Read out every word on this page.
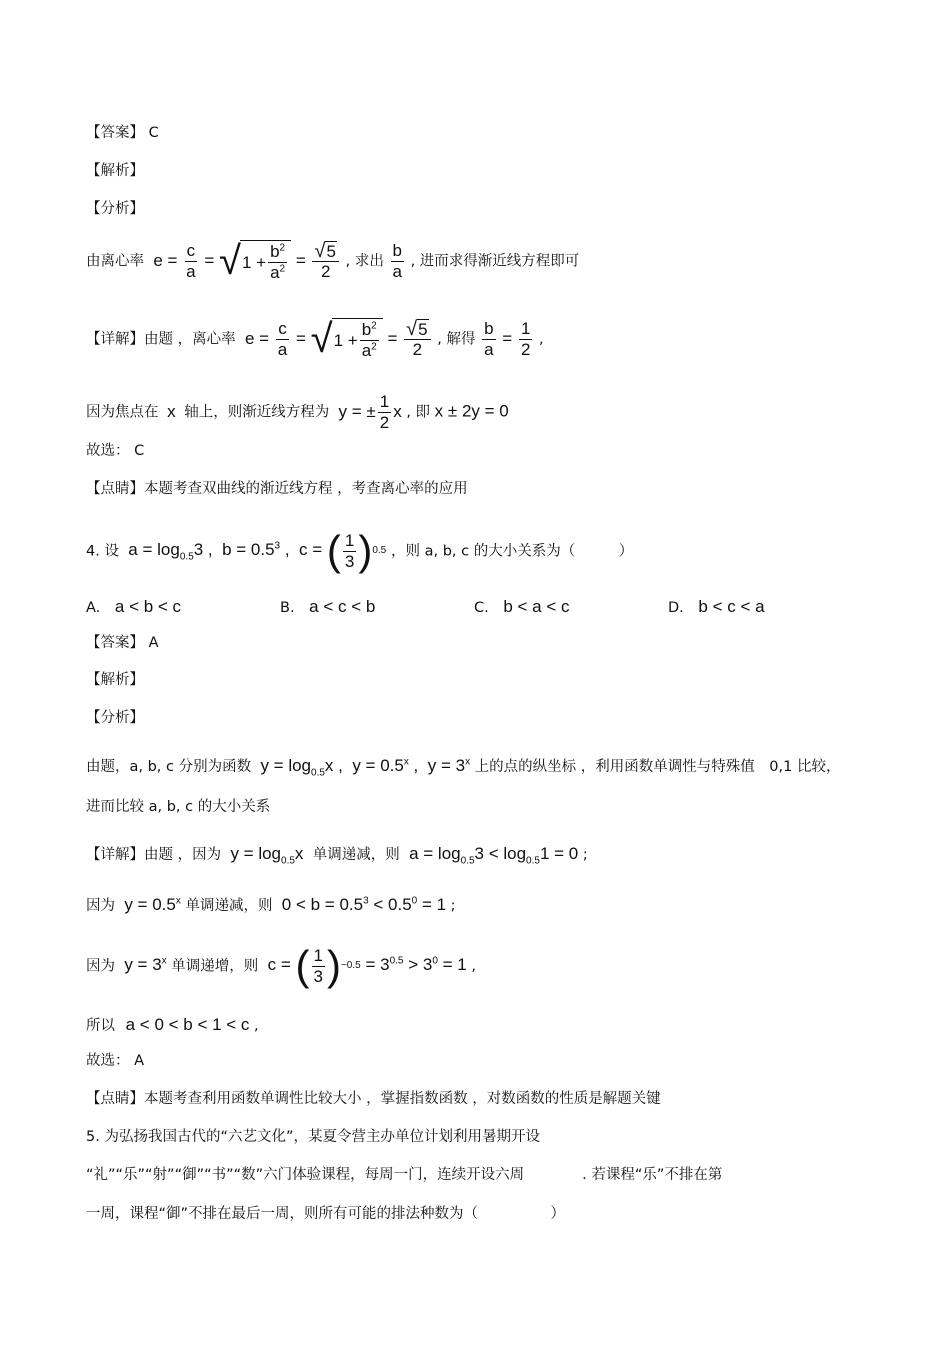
【答案】 C
【解析】
【分析】
由离心率  $e = \frac{c}{a}$ = √ $1 + \frac{b^2}{a^2} = \frac{√5}{2}$ , 求出 $\frac{b}{a}$ , 进而求得渐近线方程即可
【详解】由题 ，离心率  $e = \frac{c}{a}$ = √ $1 + \frac{b^2}{a^2} = \frac{√5}{2}$ , 解得 $\frac{b}{a} = \frac{1}{2}$ ,
因为焦点在 x 轴上，则渐近线方程为  y = ± $\frac{1}{2}$ x , 即 x ± 2y = 0
故选： C
【点睛】本题考查双曲线的渐近线方程 ，考查离心率的应用
4. 设  $a = \log_{0.5}3$ ,  $b = 0.5^3$ ,  c = ( $\frac{1}{3}$ ) 0.5 ，则 a, b, c 的大小关系为（　　　）
A. a < b < c	B. a < c < b	C. b < a < c	D. b < c < a
【答案】 A
【解析】
【分析】
由题，a, b, c 分别为函数  $y = \log_{0.5}x$ ,  $y = 0.5^x$ ,  $y = 3^x$ 上的点的纵坐标 ，利用函数单调性与特殊值　0,1 比较，
进而比较 a, b, c 的大小关系
【详解】由题 ，因为  $y = \log_{0.5}x$  单调递减，则  $a = \log_{0.5}3 < \log_{0.5}1 = 0$ ;
因为  $y = 0.5^x$ 单调递减，则  $0 < b = 0.5^3 < 0.5^0 = 1$ ;
因为  $y = 3^x$ 单调递增，则  c = ( $\frac{1}{3}$ ) $-0.5 = 3^{0.5} > 3^0 = 1$ ,
所以 a < 0 < b < 1 < c ,
故选： A
【点睛】本题考查利用函数单调性比较大小 ，掌握指数函数 ，对数函数的性质是解题关键
5. 为弘扬我国古代的“六艺文化”，某夏令营主办单位计划利用暑期开设
“礼”“乐”“射”“御”“书”“数”六门体验课程，每周一门，连续开设六周　　　　. 若课程“乐”不排在第
一周，课程“御”不排在最后一周，则所有可能的排法种数为（　　　　　）
